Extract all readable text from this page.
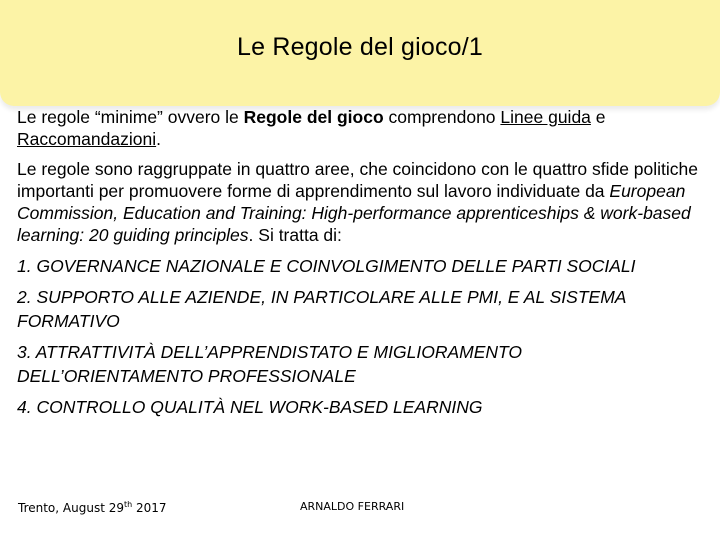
Le Regole del gioco/1

Le regole “minime” ovvero le Regole del gioco comprendono Linee guida e Raccomandazioni.

Le regole sono raggruppate in quattro aree, che coincidono con le quattro sfide politiche importanti per promuovere forme di apprendimento sul lavoro individuate da European Commission, Education and Training: High-performance apprenticeships & work-based learning: 20 guiding principles. Si tratta di:

1. GOVERNANCE NAZIONALE E COINVOLGIMENTO DELLE PARTI SOCIALI

2. SUPPORTO ALLE AZIENDE, IN PARTICOLARE ALLE PMI, E AL SISTEMA FORMATIVO

3. ATTRATTIVITÀ DELL’APPRENDISTATO E MIGLIORAMENTO DELL’ORIENTAMENTO PROFESSIONALE

4. CONTROLLO QUALITÀ NEL WORK-BASED LEARNING

Trento, August 29th 2017	ARNALDO FERRARI
